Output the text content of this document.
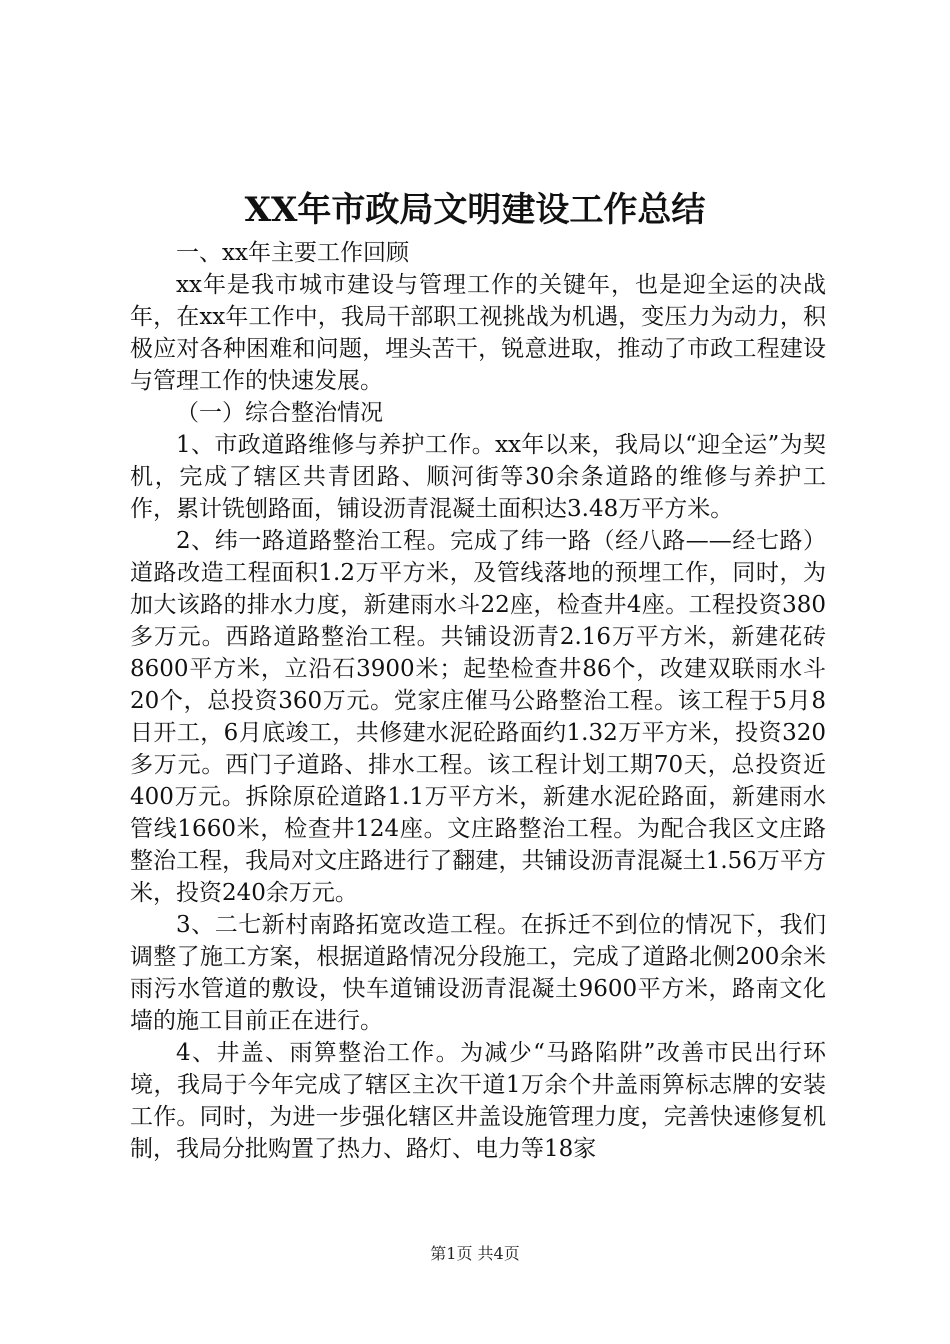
XX年市政局文明建设工作总结

一、xx年主要工作回顾

xx年是我市城市建设与管理工作的关键年，也是迎全运的决战年，在xx年工作中，我局干部职工视挑战为机遇，变压力为动力，积极应对各种困难和问题，埋头苦干，锐意进取，推动了市政工程建设与管理工作的快速发展。

（一）综合整治情况

1、市政道路维修与养护工作。xx年以来，我局以“迎全运”为契机，完成了辖区共青团路、顺河街等30余条道路的维修与养护工作，累计铣刨路面，铺设沥青混凝土面积达3.48万平方米。

2、纬一路道路整治工程。完成了纬一路（经八路——经七路）道路改造工程面积1.2万平方米，及管线落地的预埋工作，同时，为加大该路的排水力度，新建雨水斗22座，检查井4座。工程投资380多万元。西路道路整治工程。共铺设沥青2.16万平方米，新建花砖8600平方米，立沿石3900米；起垫检查井86个，改建双联雨水斗20个，总投资360万元。党家庄催马公路整治工程。该工程于5月8日开工，6月底竣工，共修建水泥砼路面约1.32万平方米，投资320多万元。西门子道路、排水工程。该工程计划工期70天，总投资近400万元。拆除原砼道路1.1万平方米，新建水泥砼路面，新建雨水管线1660米，检查井124座。文庄路整治工程。为配合我区文庄路整治工程，我局对文庄路进行了翻建，共铺设沥青混凝土1.56万平方米，投资240余万元。

3、二七新村南路拓宽改造工程。在拆迁不到位的情况下，我们调整了施工方案，根据道路情况分段施工，完成了道路北侧200余米雨污水管道的敷设，快车道铺设沥青混凝土9600平方米，路南文化墙的施工目前正在进行。

4、井盖、雨箅整治工作。为减少“马路陷阱”改善市民出行环境，我局于今年完成了辖区主次干道1万余个井盖雨箅标志牌的安装工作。同时，为进一步强化辖区井盖设施管理力度，完善快速修复机制，我局分批购置了热力、路灯、电力等18家

第1页 共4页
